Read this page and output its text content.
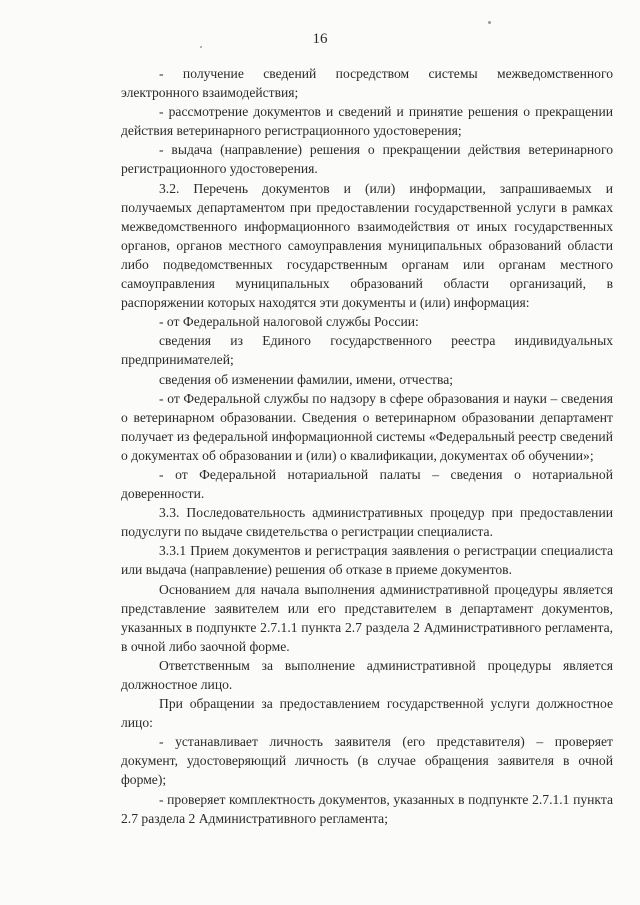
16

- получение сведений посредством системы межведомственного электронного взаимодействия;

- рассмотрение документов и сведений и принятие решения о прекращении действия ветеринарного регистрационного удостоверения;

- выдача (направление) решения о прекращении действия ветеринарного регистрационного удостоверения.

3.2. Перечень документов и (или) информации, запрашиваемых и получаемых департаментом при предоставлении государственной услуги в рамках межведомственного информационного взаимодействия от иных государственных органов, органов местного самоуправления муниципальных образований области либо подведомственных государственным органам или органам местного самоуправления муниципальных образований области организаций, в распоряжении которых находятся эти документы и (или) информация:

- от Федеральной налоговой службы России:

сведения из Единого государственного реестра индивидуальных предпринимателей;

сведения об изменении фамилии, имени, отчества;

- от Федеральной службы по надзору в сфере образования и науки – сведения о ветеринарном образовании. Сведения о ветеринарном образовании департамент получает из федеральной информационной системы «Федеральный реестр сведений о документах об образовании и (или) о квалификации, документах об обучении»;

- от Федеральной нотариальной палаты – сведения о нотариальной доверенности.

3.3. Последовательность административных процедур при предоставлении подуслуги по выдаче свидетельства о регистрации специалиста.

3.3.1 Прием документов и регистрация заявления о регистрации специалиста или выдача (направление) решения об отказе в приеме документов.

Основанием для начала выполнения административной процедуры является представление заявителем или его представителем в департамент документов, указанных в подпункте 2.7.1.1 пункта 2.7 раздела 2 Административного регламента, в очной либо заочной форме.

Ответственным за выполнение административной процедуры является должностное лицо.

При обращении за предоставлением государственной услуги должностное лицо:

- устанавливает личность заявителя (его представителя) – проверяет документ, удостоверяющий личность (в случае обращения заявителя в очной форме);

- проверяет комплектность документов, указанных в подпункте 2.7.1.1 пункта 2.7 раздела 2 Административного регламента;
